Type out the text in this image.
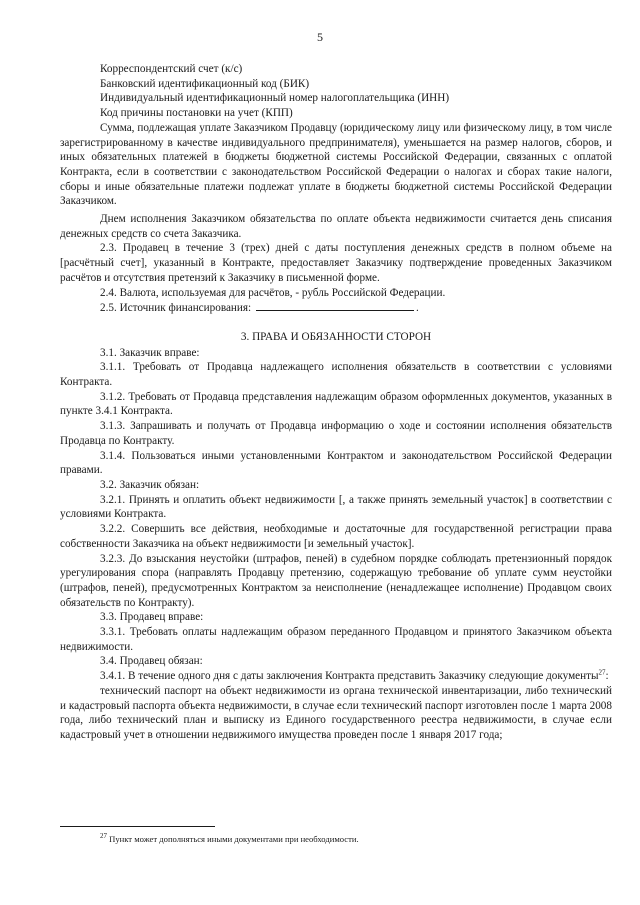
5

Корреспондентский счет (к/с)

Банковский идентификационный код (БИК)

Индивидуальный идентификационный номер налогоплательщика (ИНН)

Код причины постановки на учет (КПП)

Сумма, подлежащая уплате Заказчиком Продавцу (юридическому лицу или физическому лицу, в том числе зарегистрированному в качестве индивидуального предпринимателя), уменьшается на размер налогов, сборов, и иных обязательных платежей в бюджеты бюджетной системы Российской Федерации, связанных с оплатой Контракта, если в соответствии с законодательством Российской Федерации о налогах и сборах такие налоги, сборы и иные обязательные платежи подлежат уплате в бюджеты бюджетной системы Российской Федерации Заказчиком.

Днем исполнения Заказчиком обязательства по оплате объекта недвижимости считается день списания денежных средств со счета Заказчика.

2.3. Продавец в течение 3 (трех) дней с даты поступления денежных средств в полном объеме на [расчётный счет], указанный в Контракте, предоставляет Заказчику подтверждение проведенных Заказчиком расчётов и отсутствия претензий к Заказчику в письменной форме.

2.4. Валюта, используемая для расчётов, - рубль Российской Федерации.

2.5. Источник финансирования:	.

3. ПРАВА И ОБЯЗАННОСТИ СТОРОН

3.1. Заказчик вправе:

3.1.1. Требовать от Продавца надлежащего исполнения обязательств в соответствии с условиями Контракта.

3.1.2. Требовать от Продавца представления надлежащим образом оформленных документов, указанных в пункте 3.4.1 Контракта.

3.1.3. Запрашивать и получать от Продавца информацию о ходе и состоянии исполнения обязательств Продавца по Контракту.

3.1.4. Пользоваться иными установленными Контрактом и законодательством Российской Федерации правами.

3.2. Заказчик обязан:

3.2.1. Принять и оплатить объект недвижимости [, а также принять земельный участок] в соответствии с условиями Контракта.

3.2.2. Совершить все действия, необходимые и достаточные для государственной регистрации права собственности Заказчика на объект недвижимости [и земельный участок].

3.2.3. До взыскания неустойки (штрафов, пеней) в судебном порядке соблюдать претензионный порядок урегулирования спора (направлять Продавцу претензию, содержащую требование об уплате сумм неустойки (штрафов, пеней), предусмотренных Контрактом за неисполнение (ненадлежащее исполнение) Продавцом своих обязательств по Контракту).

3.3. Продавец вправе:

3.3.1. Требовать оплаты надлежащим образом переданного Продавцом и принятого Заказчиком объекта недвижимости.

3.4. Продавец обязан:

3.4.1. В течение одного дня с даты заключения Контракта представить Заказчику следующие документы$^{27}$:

технический паспорт на объект недвижимости из органа технической инвентаризации, либо технический и кадастровый паспорта объекта недвижимости, в случае если технический паспорт изготовлен после 1 марта 2008 года, либо технический план и выписку из Единого государственного реестра недвижимости, в случае если кадастровый учет в отношении недвижимого имущества проведен после 1 января 2017 года;

$^{27}$ Пункт может дополняться иными документами при необходимости.
